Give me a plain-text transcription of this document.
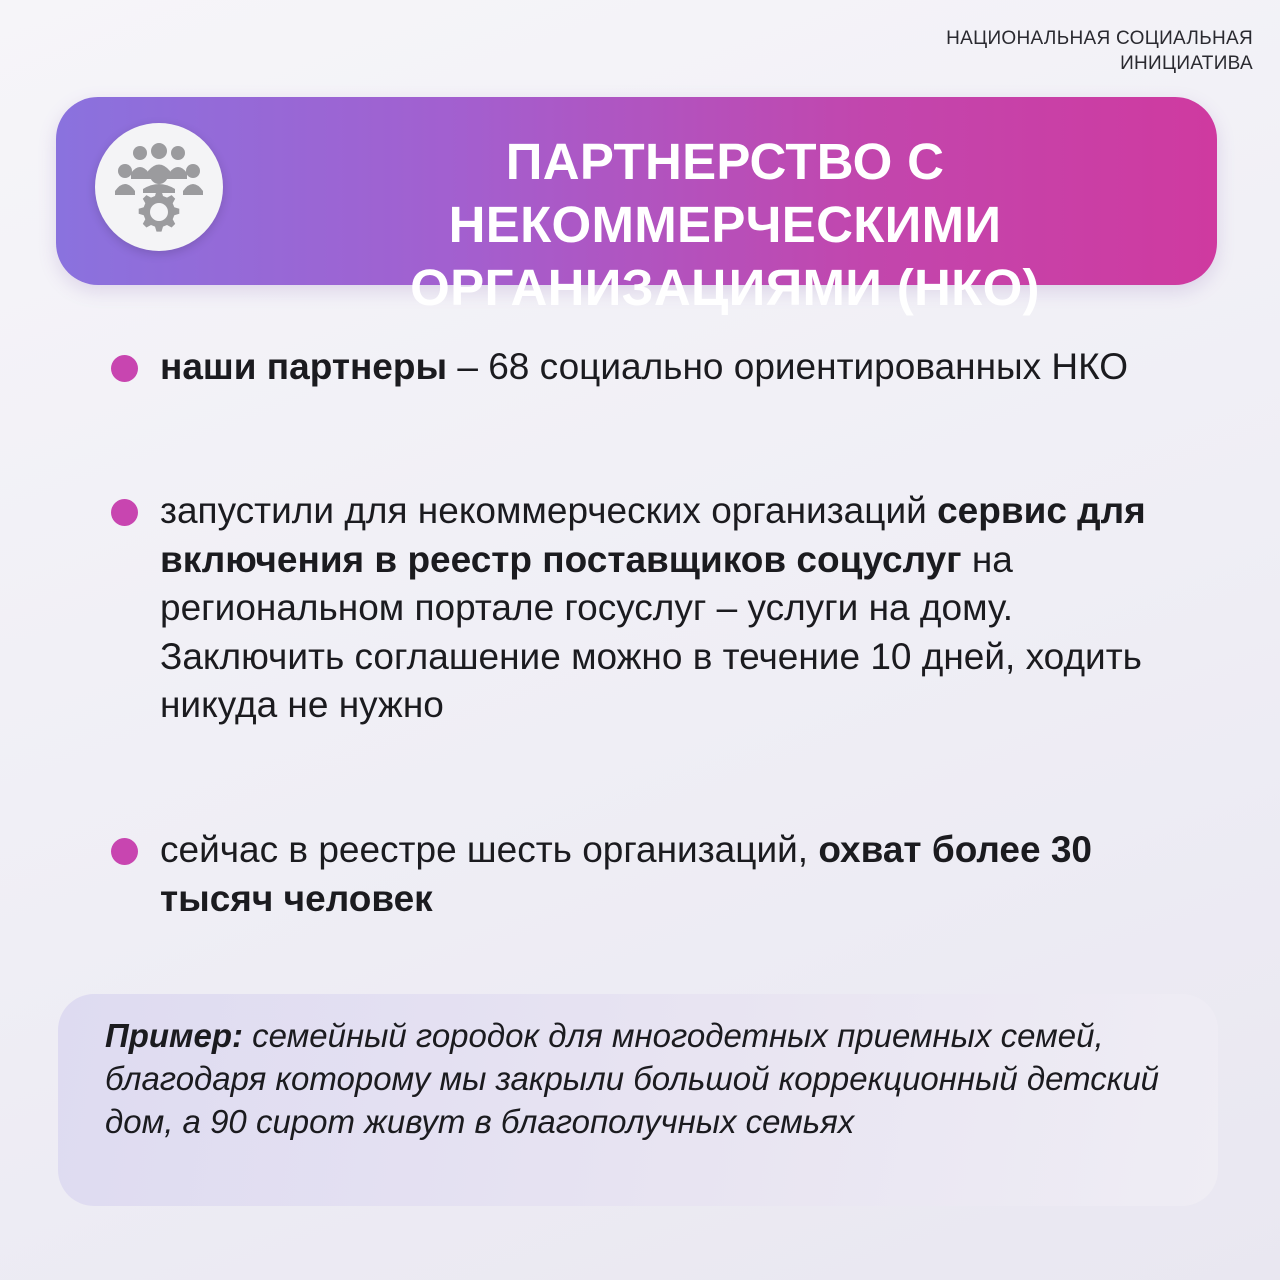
НАЦИОНАЛЬНАЯ СОЦИАЛЬНАЯ
ИНИЦИАТИВА
ПАРТНЕРСТВО С НЕКОММЕРЧЕСКИМИ
ОРГАНИЗАЦИЯМИ (НКО)
наши партнеры – 68 социально ориентированных НКО
запустили для некоммерческих организаций сервис для включения в реестр поставщиков соцуслуг на региональном портале госуслуг – услуги на дому. Заключить соглашение можно в течение 10 дней, ходить никуда не нужно
сейчас в реестре шесть организаций, охват более 30 тысяч человек
Пример: семейный городок для многодетных приемных семей, благодаря которому мы закрыли большой коррекционный детский дом, а 90 сирот живут в благополучных семьях
